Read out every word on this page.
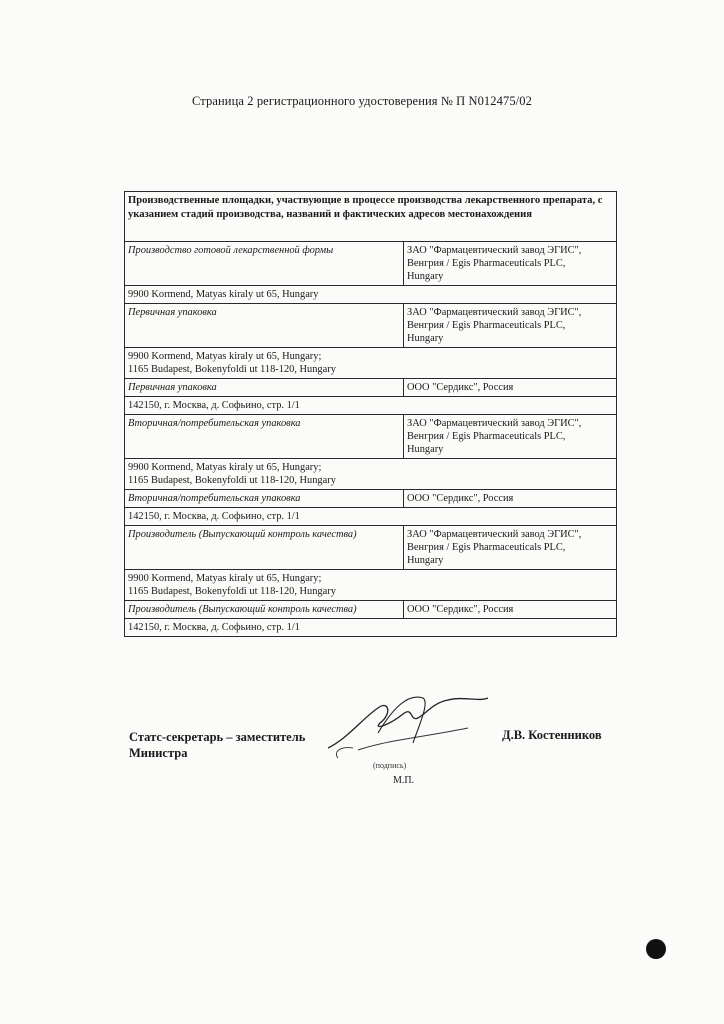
Страница 2 регистрационного удостоверения № П N012475/02
Производственные площадки, участвующие в процессе производства лекарственного препарата, с указанием стадий производства, названий и фактических адресов местонахождения
Производство готовой лекарственной формы	ЗАО "Фармацевтический завод ЭГИС",
Венгрия / Egis Pharmaceuticals PLC,
Hungary
9900 Kormend, Matyas kiraly ut 65, Hungary
Первичная упаковка	ЗАО "Фармацевтический завод ЭГИС",
Венгрия / Egis Pharmaceuticals PLC,
Hungary
9900 Kormend, Matyas kiraly ut 65, Hungary;
1165 Budapest, Bokenyfoldi ut 118-120, Hungary
Первичная упаковка	ООО "Сердикс", Россия
142150, г. Москва, д. Софьино, стр. 1/1
Вторичная/потребительская упаковка	ЗАО "Фармацевтический завод ЭГИС",
Венгрия / Egis Pharmaceuticals PLC,
Hungary
9900 Kormend, Matyas kiraly ut 65, Hungary;
1165 Budapest, Bokenyfoldi ut 118-120, Hungary
Вторичная/потребительская упаковка	ООО "Сердикс", Россия
142150, г. Москва, д. Софьино, стр. 1/1
Производитель (Выпускающий контроль качества)	ЗАО "Фармацевтический завод ЭГИС",
Венгрия / Egis Pharmaceuticals PLC,
Hungary
9900 Kormend, Matyas kiraly ut 65, Hungary;
1165 Budapest, Bokenyfoldi ut 118-120, Hungary
Производитель (Выпускающий контроль качества)	ООО "Сердикс", Россия
142150, г. Москва, д. Софьино, стр. 1/1
Статс-секретарь – заместитель
Министра
Д.В. Костенников
(подпись)
М.П.
